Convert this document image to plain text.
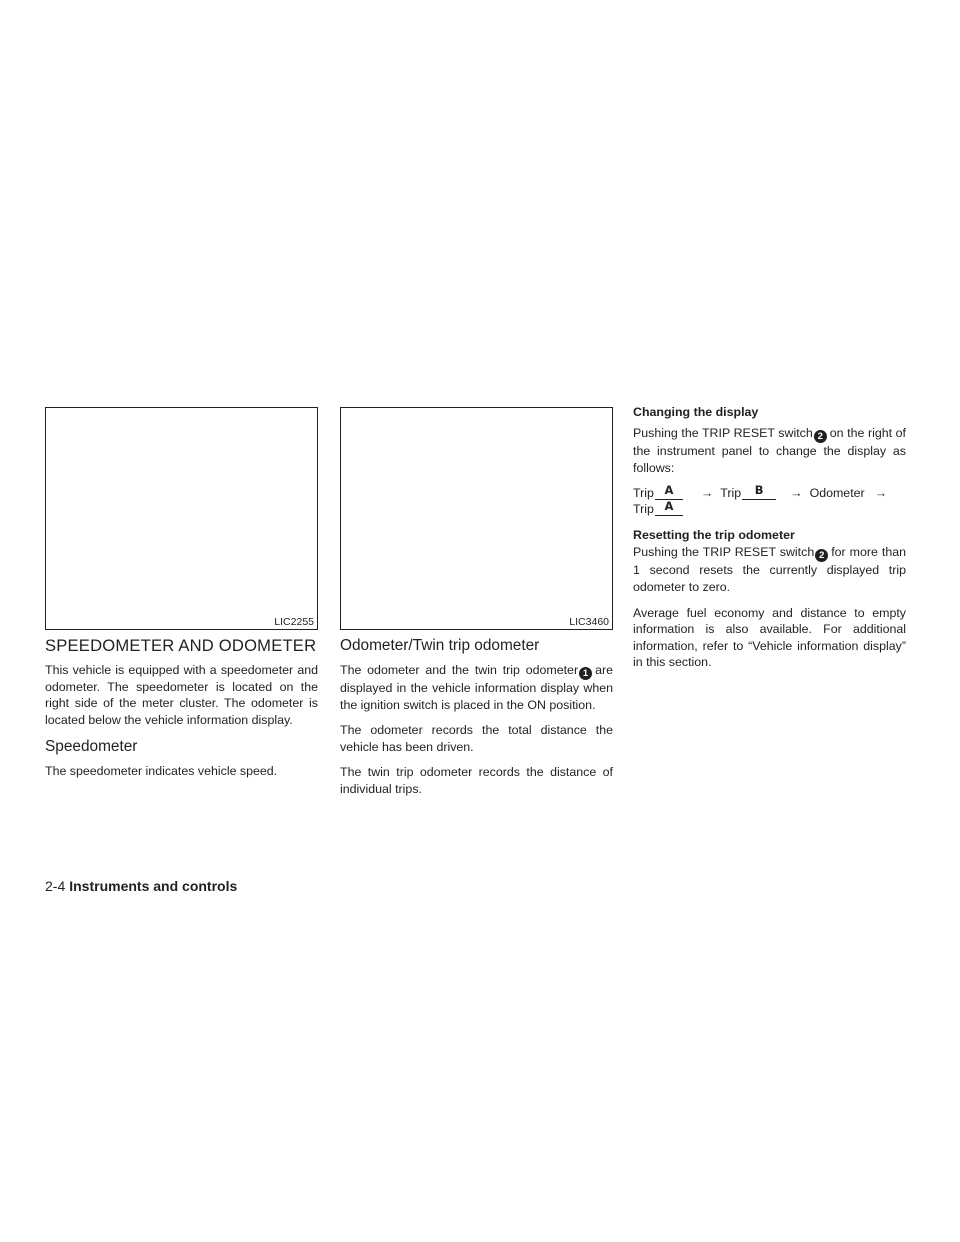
LIC2255	LIC3460
SPEEDOMETER AND ODOMETER

This vehicle is equipped with a speedometer and odometer. The speedometer is located on the right side of the meter cluster. The odometer is located below the vehicle information display.

Speedometer

The speedometer indicates vehicle speed.

Odometer/Twin trip odometer

The odometer and the twin trip odometer 1 are displayed in the vehicle information display when the ignition switch is placed in the ON position.

The odometer records the total distance the vehicle has been driven.

The twin trip odometer records the distance of individual trips.

Changing the display

Pushing the TRIP RESET switch 2 on the right of the instrument panel to change the display as follows:

Trip A	→ Trip	B	→ Odometer →
Trip A
Resetting the trip odometer

Pushing the TRIP RESET switch 2 for more than 1 second resets the currently displayed trip odometer to zero.

Average fuel economy and distance to empty information is also available. For additional information, refer to “Vehicle information display” in this section.

2-4 Instruments and controls
